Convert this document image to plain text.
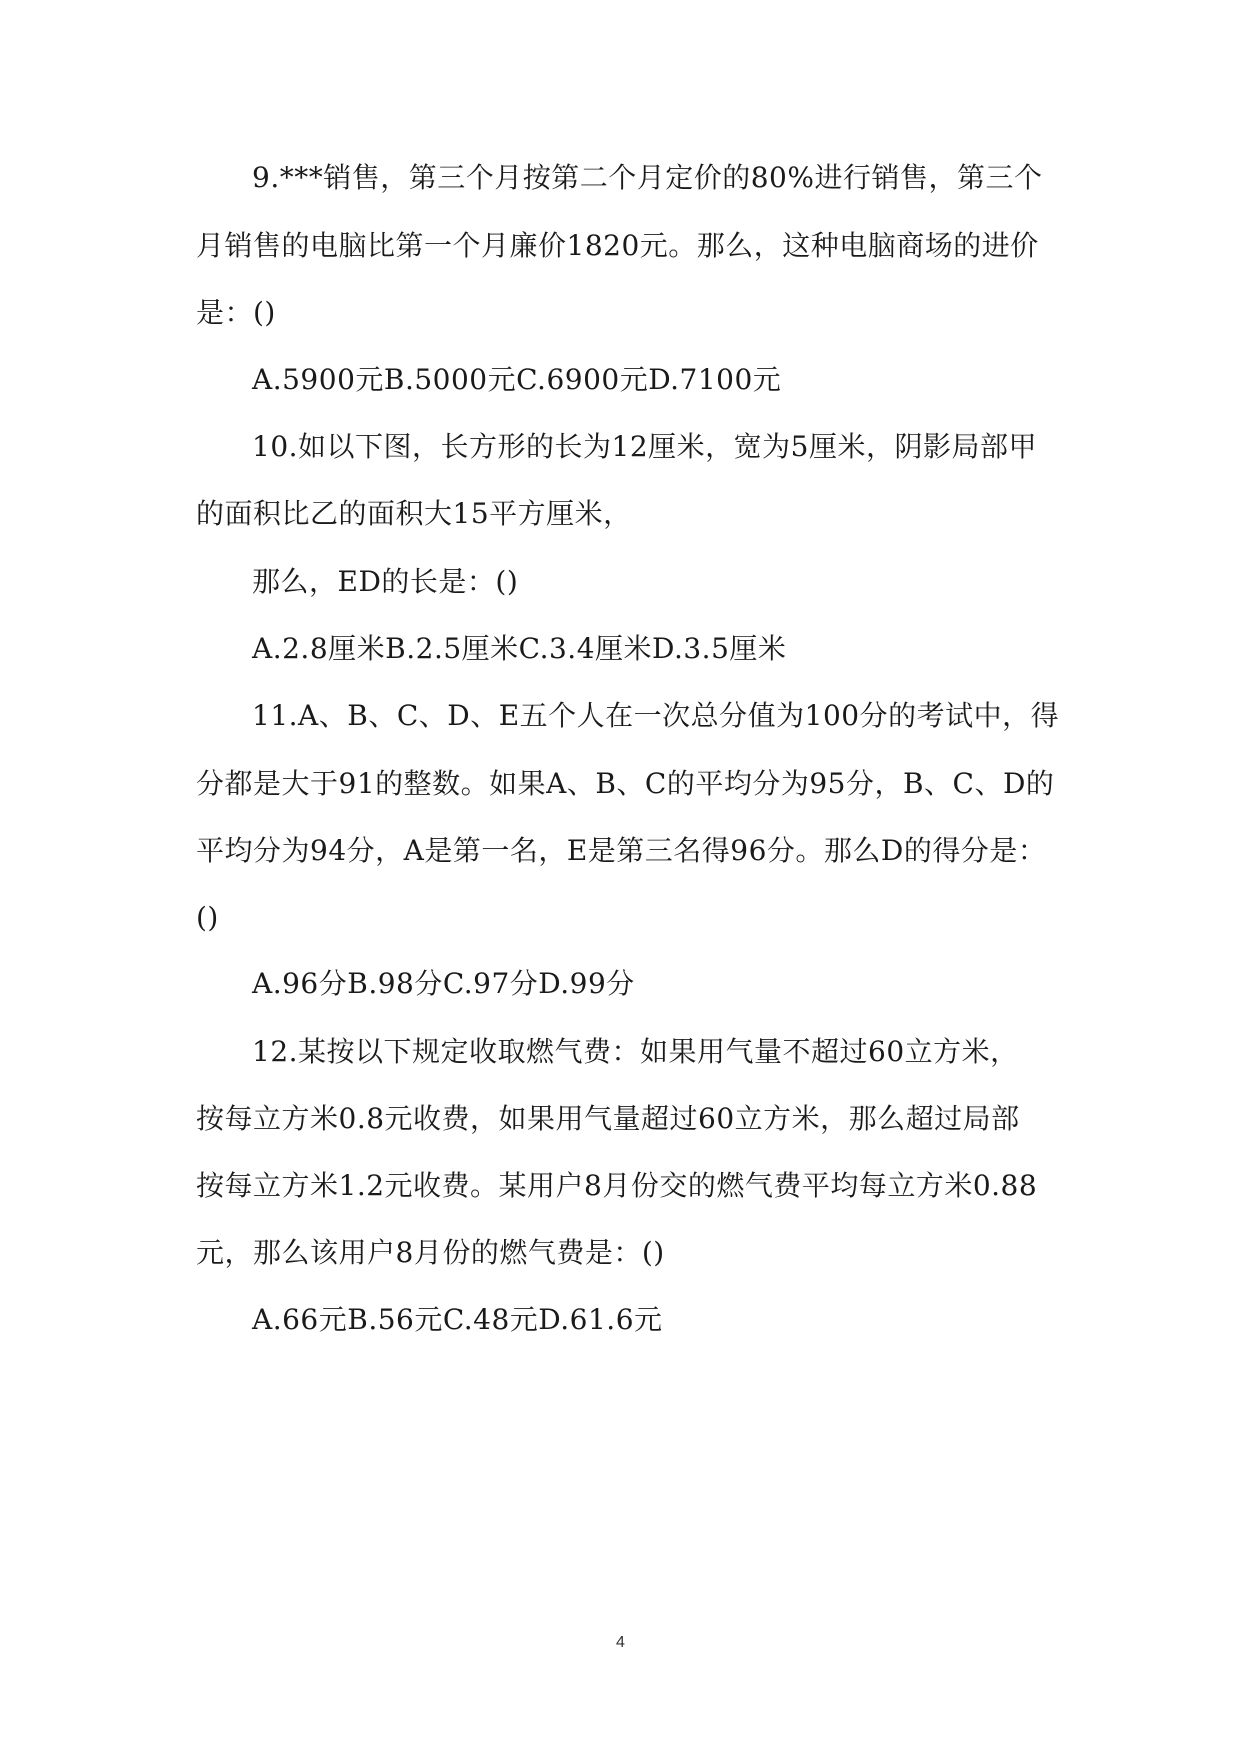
9.***销售，第三个月按第二个月定价的80%进行销售，第三个
月销售的电脑比第一个月廉价1820元。那么，这种电脑商场的进价
是：()
A.5900元B.5000元C.6900元D.7100元
10.如以下图，长方形的长为12厘米，宽为5厘米，阴影局部甲
的面积比乙的面积大15平方厘米，
那么，ED的长是：()
A.2.8厘米B.2.5厘米C.3.4厘米D.3.5厘米
11.A、B、C、D、E五个人在一次总分值为100分的考试中，得
分都是大于91的整数。如果A、B、C的平均分为95分，B、C、D的
平均分为94分，A是第一名，E是第三名得96分。那么D的得分是：
()
A.96分B.98分C.97分D.99分
12.某按以下规定收取燃气费：如果用气量不超过60立方米，
按每立方米0.8元收费，如果用气量超过60立方米，那么超过局部
按每立方米1.2元收费。某用户8月份交的燃气费平均每立方米0.88
元，那么该用户8月份的燃气费是：()
A.66元B.56元C.48元D.61.6元
4
